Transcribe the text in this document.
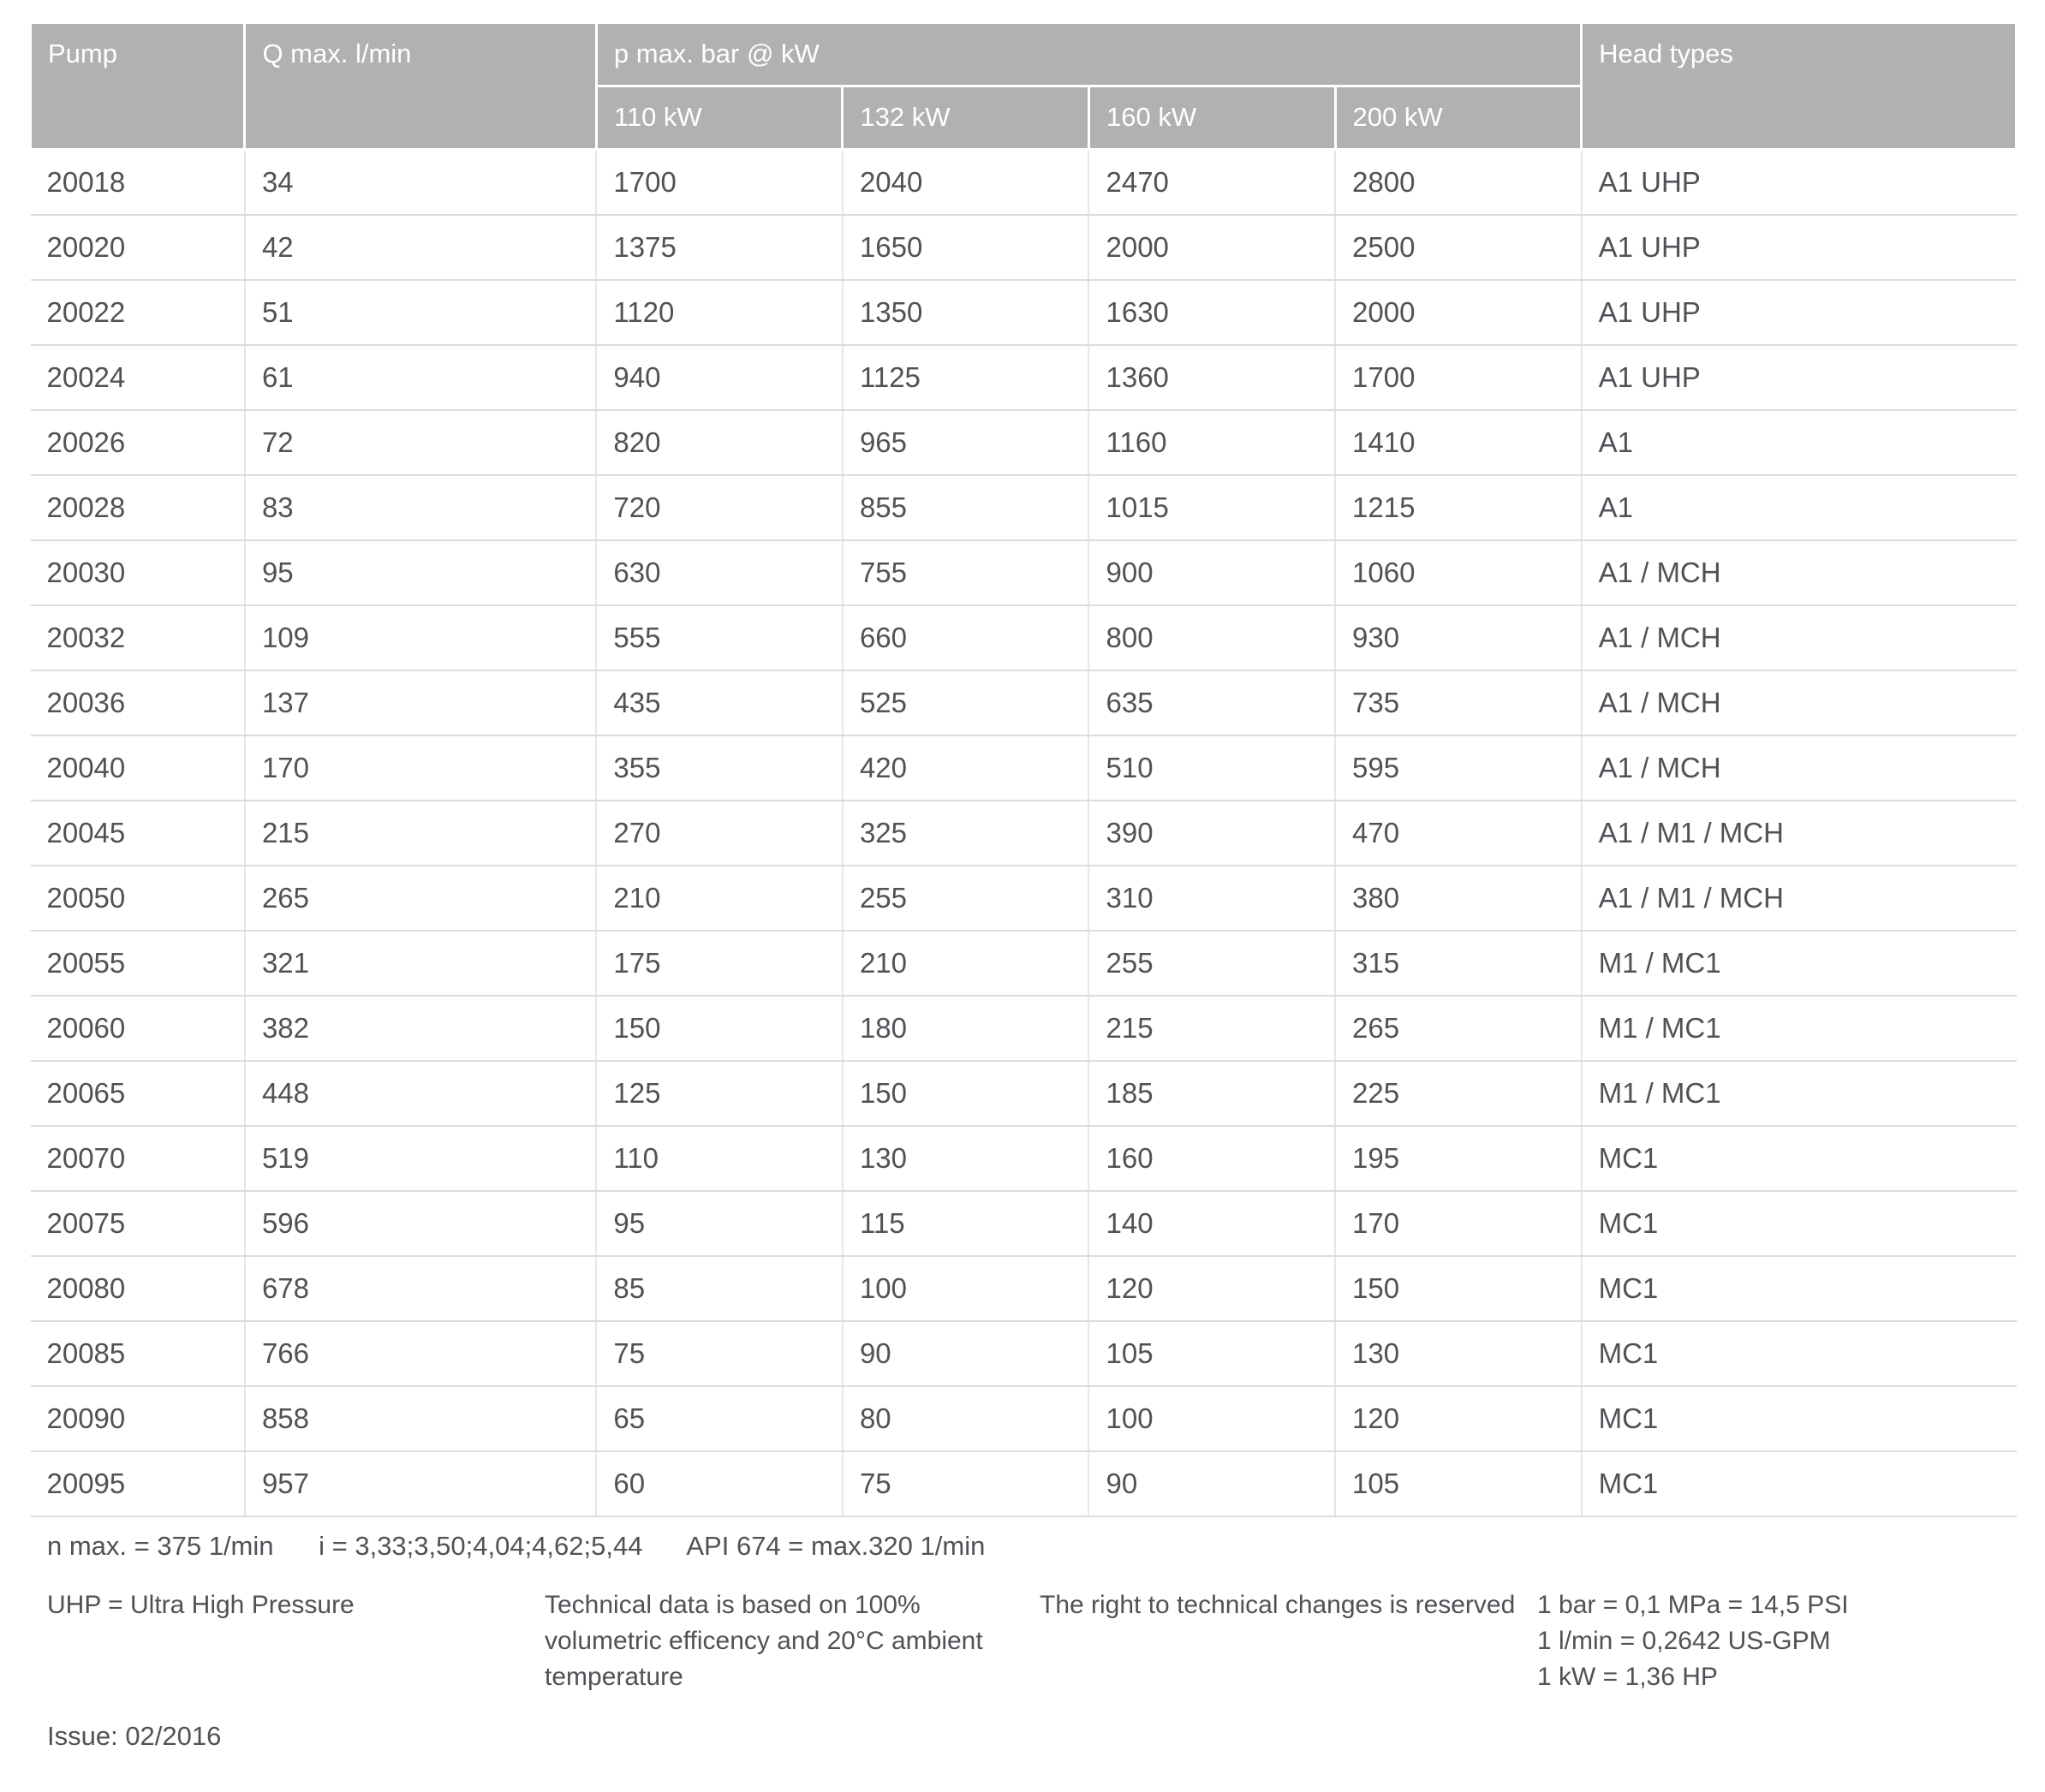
Pump	Q max. l/min	p max. bar @ kW				Head types
		110 kW	132 kW	160 kW	200 kW	
20018	34	1700	2040	2470	2800	A1 UHP
20020	42	1375	1650	2000	2500	A1 UHP
20022	51	1120	1350	1630	2000	A1 UHP
20024	61	940	1125	1360	1700	A1 UHP
20026	72	820	965	1160	1410	A1
20028	83	720	855	1015	1215	A1
20030	95	630	755	900	1060	A1 / MCH
20032	109	555	660	800	930	A1 / MCH
20036	137	435	525	635	735	A1 / MCH
20040	170	355	420	510	595	A1 / MCH
20045	215	270	325	390	470	A1 / M1 / MCH
20050	265	210	255	310	380	A1 / M1 / MCH
20055	321	175	210	255	315	M1 / MC1
20060	382	150	180	215	265	M1 / MC1
20065	448	125	150	185	225	M1 / MC1
20070	519	110	130	160	195	MC1
20075	596	95	115	140	170	MC1
20080	678	85	100	120	150	MC1
20085	766	75	90	105	130	MC1
20090	858	65	80	100	120	MC1
20095	957	60	75	90	105	MC1
n max. = 375 1/min i = 3,33;3,50;4,04;4,62;5,44 API 674 = max.320 1/min
UHP = Ultra High Pressure	Technical data is based on 100% volumetric efficency and 20°C ambient temperature
The right to technical changes is reserved 1 bar = 0,1 MPa = 14,5 PSI
1 l/min = 0,2642 US-GPM
1 kW = 1,36 HP
Issue: 02/2016
